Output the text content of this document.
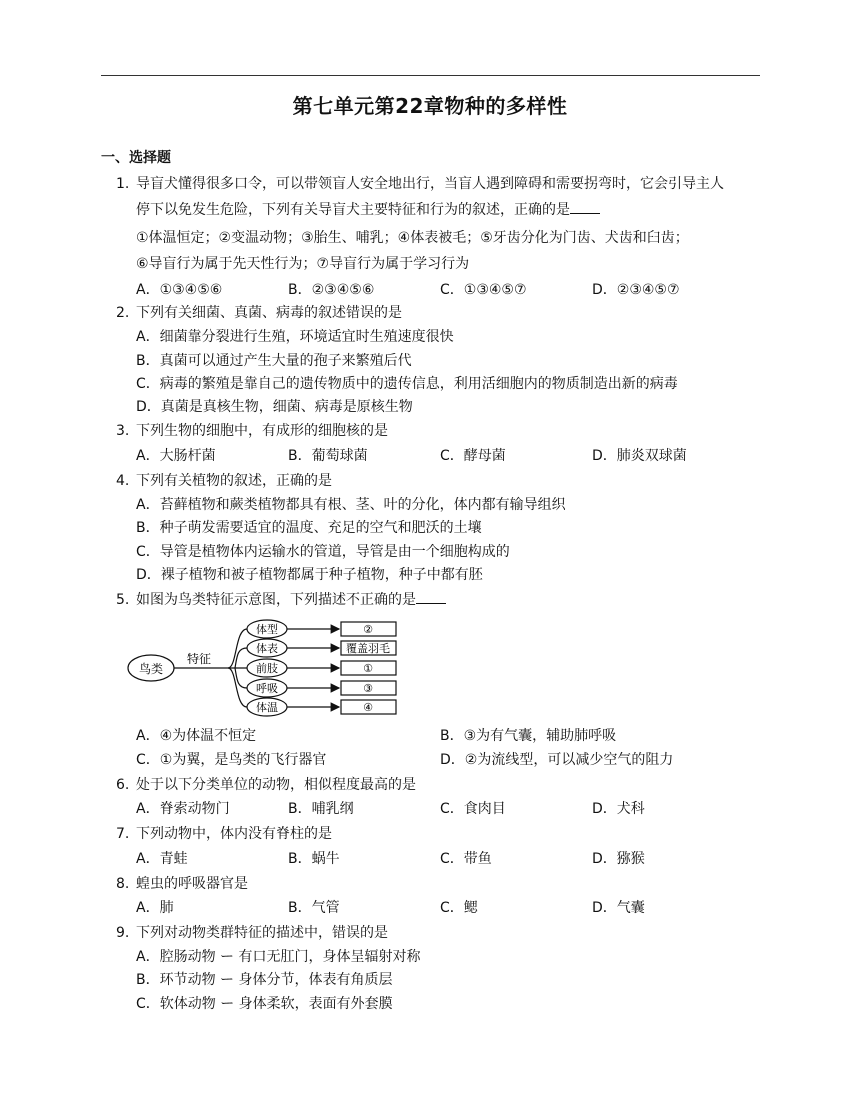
第七单元第22章物种的多样性
一、选择题
1. 导盲犬懂得很多口令，可以带领盲人安全地出行，当盲人遇到障碍和需要拐弯时，它会引导主人
停下以免发生危险，下列有关导盲犬主要特征和行为的叙述，正确的是
①体温恒定；②变温动物；③胎生、哺乳；④体表被毛；⑤牙齿分化为门齿、犬齿和臼齿；
⑥导盲行为属于先天性行为；⑦导盲行为属于学习行为
A．①③④⑤⑥	B．②③④⑤⑥	C．①③④⑤⑦	D．②③④⑤⑦
2. 下列有关细菌、真菌、病毒的叙述错误的是
A．细菌靠分裂进行生殖，环境适宜时生殖速度很快
B．真菌可以通过产生大量的孢子来繁殖后代
C．病毒的繁殖是靠自己的遗传物质中的遗传信息，利用活细胞内的物质制造出新的病毒
D．真菌是真核生物，细菌、病毒是原核生物
3. 下列生物的细胞中，有成形的细胞核的是
A．大肠杆菌	B．葡萄球菌	C．酵母菌	D．肺炎双球菌
4. 下列有关植物的叙述，正确的是
A．苔藓植物和蕨类植物都具有根、茎、叶的分化，体内都有输导组织
B．种子萌发需要适宜的温度、充足的空气和肥沃的土壤
C．导管是植物体内运输水的管道，导管是由一个细胞构成的
D．裸子植物和被子植物都属于种子植物，种子中都有胚
5. 如图为鸟类特征示意图，下列描述不正确的是
鸟类
特征
体型
体表
前肢
呼吸
体温
②
覆盖羽毛
①
③
④
A．④为体温不恒定	B．③为有气囊，辅助肺呼吸
C．①为翼，是鸟类的飞行器官	D．②为流线型，可以减少空气的阻力
6. 处于以下分类单位的动物，相似程度最高的是
A．脊索动物门	B．哺乳纲	C．食肉目	D．犬科
7. 下列动物中，体内没有脊柱的是
A．青蛙	B．蜗牛	C．带鱼	D．猕猴
8. 蝗虫的呼吸器官是
A．肺	B．气管	C．鳃	D．气囊
9. 下列对动物类群特征的描述中，错误的是
A．腔肠动物 ー 有口无肛门，身体呈辐射对称
B．环节动物 ー 身体分节，体表有角质层
C．软体动物 ー 身体柔软，表面有外套膜
